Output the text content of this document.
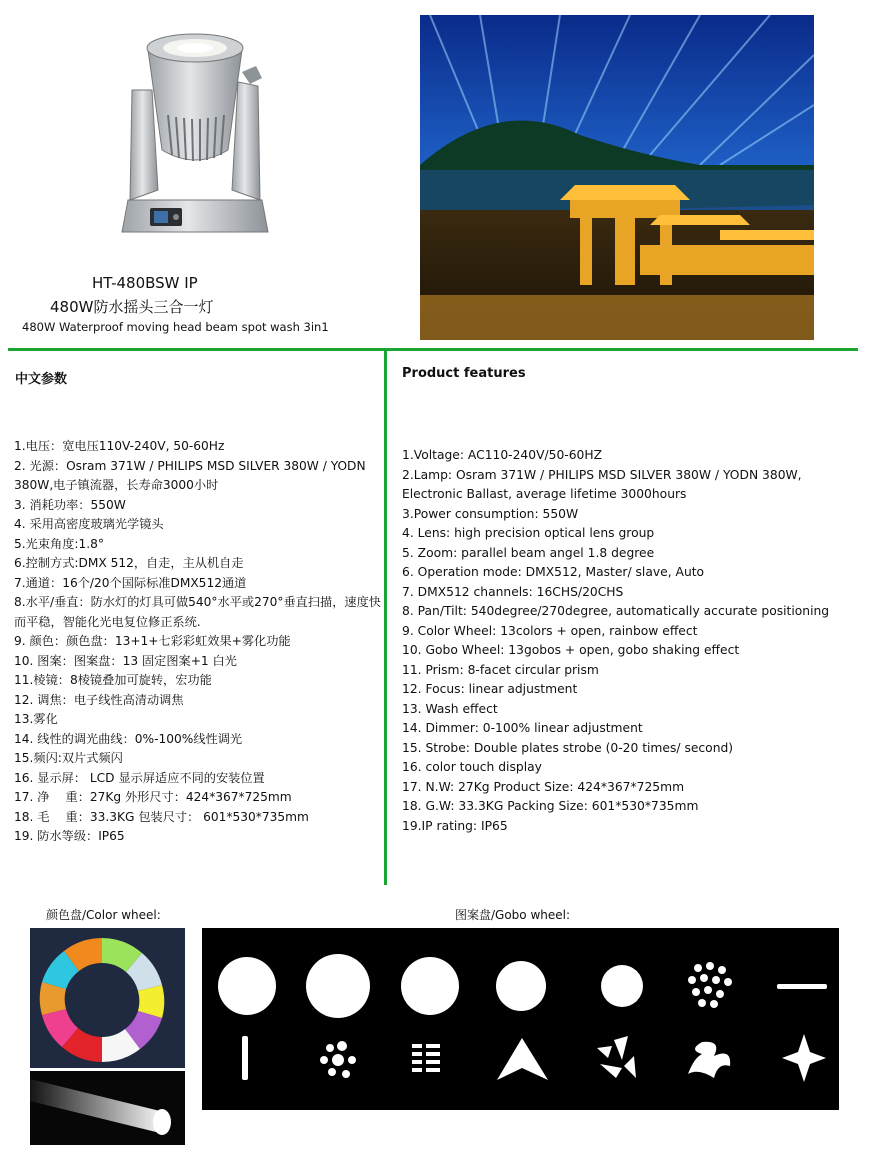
HT-480BSW IP
480W防水摇头三合一灯
480W Waterproof moving head beam spot wash 3in1
中文参数	Product features
1.电压：宽电压110V-240V, 50-60Hz
2. 光源：Osram 371W / PHILIPS MSD SILVER 380W / YODN 380W,电子镇流器，长寿命3000小时
3. 消耗功率：550W
4. 采用高密度玻璃光学镜头
5.光束角度:1.8°
6.控制方式:DMX 512，自走，主从机自走
7.通道：16个/20个国际标准DMX512通道
8.水平/垂直：防水灯的灯具可做540°水平或270°垂直扫描，速度快而平稳，智能化光电复位修正系统.
9. 颜色：颜色盘：13+1+七彩彩虹效果+雾化功能
10. 图案：图案盘：13 固定图案+1 白光
11.棱镜：8棱镜叠加可旋转，宏功能
12. 调焦：电子线性高清动调焦
13.雾化
14. 线性的调光曲线：0%-100%线性调光
15.频闪:双片式频闪
16. 显示屏： LCD 显示屏适应不同的安装位置
17. 净　 重：27Kg 外形尺寸：424*367*725mm
18. 毛　 重：33.3KG 包装尺寸： 601*530*735mm
19. 防水等级：IP65
1.Voltage: AC110-240V/50-60HZ
2.Lamp: Osram 371W / PHILIPS MSD SILVER 380W / YODN 380W, Electronic Ballast, average lifetime 3000hours
3.Power consumption: 550W
4. Lens: high precision optical lens group
5. Zoom: parallel beam angel 1.8 degree
6. Operation mode: DMX512, Master/ slave, Auto
7. DMX512 channels: 16CHS/20CHS
8. Pan/Tilt: 540degree/270degree, automatically accurate positioning
9. Color Wheel: 13colors + open, rainbow effect
10. Gobo Wheel: 13gobos + open, gobo shaking effect
11. Prism: 8-facet circular prism
12. Focus: linear adjustment
13. Wash effect
14. Dimmer: 0-100% linear adjustment
15. Strobe: Double plates strobe (0-20 times/ second)
16. color touch display
17. N.W: 27Kg Product Size: 424*367*725mm
18. G.W: 33.3KG Packing Size: 601*530*735mm
19.IP rating: IP65
颜色盘/Color wheel:	图案盘/Gobo wheel:
